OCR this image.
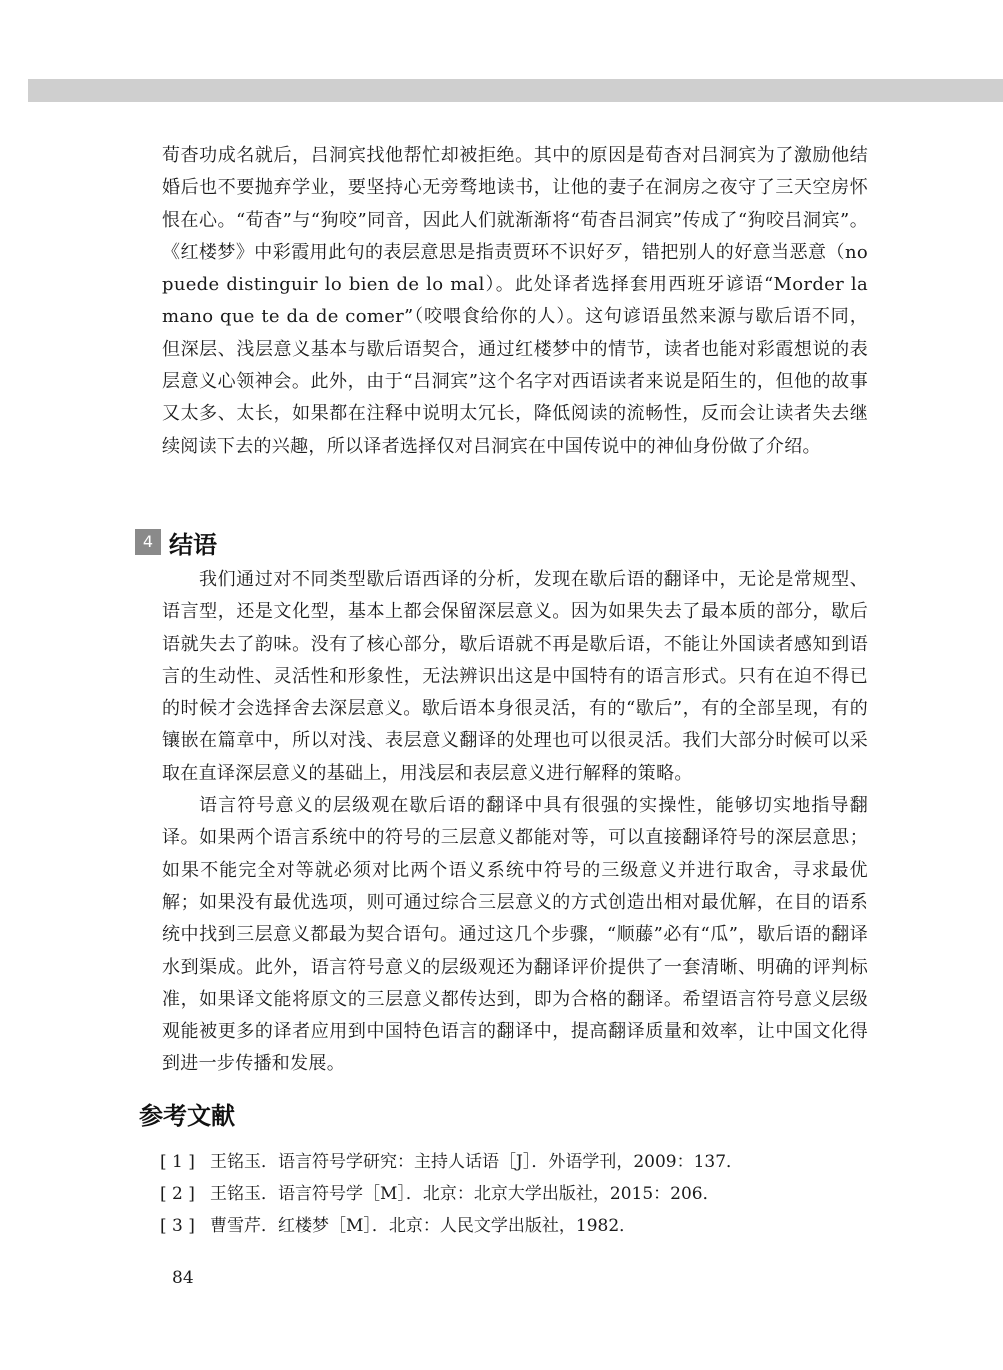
荀杳功成名就后，吕洞宾找他帮忙却被拒绝。其中的原因是荀杳对吕洞宾为了激励他结婚后也不要抛弃学业，要坚持心无旁骛地读书，让他的妻子在洞房之夜守了三天空房怀恨在心。“荀杳”与“狗咬”同音，因此人们就渐渐将“荀杳吕洞宾”传成了“狗咬吕洞宾”。《红楼梦》中彩霞用此句的表层意思是指责贾环不识好歹，错把别人的好意当恶意（no puede distinguir lo bien de lo mal）。此处译者选择套用西班牙谚语“Morder la mano que te da de comer”（咬喂食给你的人）。这句谚语虽然来源与歇后语不同，但深层、浅层意义基本与歇后语契合，通过红楼梦中的情节，读者也能对彩霞想说的表层意义心领神会。此外，由于“吕洞宾”这个名字对西语读者来说是陌生的，但他的故事又太多、太长，如果都在注释中说明太冗长，降低阅读的流畅性，反而会让读者失去继续阅读下去的兴趣，所以译者选择仅对吕洞宾在中国传说中的神仙身份做了介绍。

4 结语

我们通过对不同类型歇后语西译的分析，发现在歇后语的翻译中，无论是常规型、语言型，还是文化型，基本上都会保留深层意义。因为如果失去了最本质的部分，歇后语就失去了韵味。没有了核心部分，歇后语就不再是歇后语，不能让外国读者感知到语言的生动性、灵活性和形象性，无法辨识出这是中国特有的语言形式。只有在迫不得已的时候才会选择舍去深层意义。歇后语本身很灵活，有的“歇后”，有的全部呈现，有的镶嵌在篇章中，所以对浅、表层意义翻译的处理也可以很灵活。我们大部分时候可以采取在直译深层意义的基础上，用浅层和表层意义进行解释的策略。

语言符号意义的层级观在歇后语的翻译中具有很强的实操性，能够切实地指导翻译。如果两个语言系统中的符号的三层意义都能对等，可以直接翻译符号的深层意思；如果不能完全对等就必须对比两个语义系统中符号的三级意义并进行取舍，寻求最优解；如果没有最优选项，则可通过综合三层意义的方式创造出相对最优解，在目的语系统中找到三层意义都最为契合语句。通过这几个步骤，“顺藤”必有“瓜”，歇后语的翻译水到渠成。此外，语言符号意义的层级观还为翻译评价提供了一套清晰、明确的评判标准，如果译文能将原文的三层意义都传达到，即为合格的翻译。希望语言符号意义层级观能被更多的译者应用到中国特色语言的翻译中，提高翻译质量和效率，让中国文化得到进一步传播和发展。

参考文献
[ 1 ] 王铭玉．语言符号学研究：主持人话语［J］．外语学刊，2009：137．
[ 2 ] 王铭玉．语言符号学［M］．北京：北京大学出版社，2015：206．
[ 3 ] 曹雪芹．红楼梦［M］．北京：人民文学出版社，1982．
84
